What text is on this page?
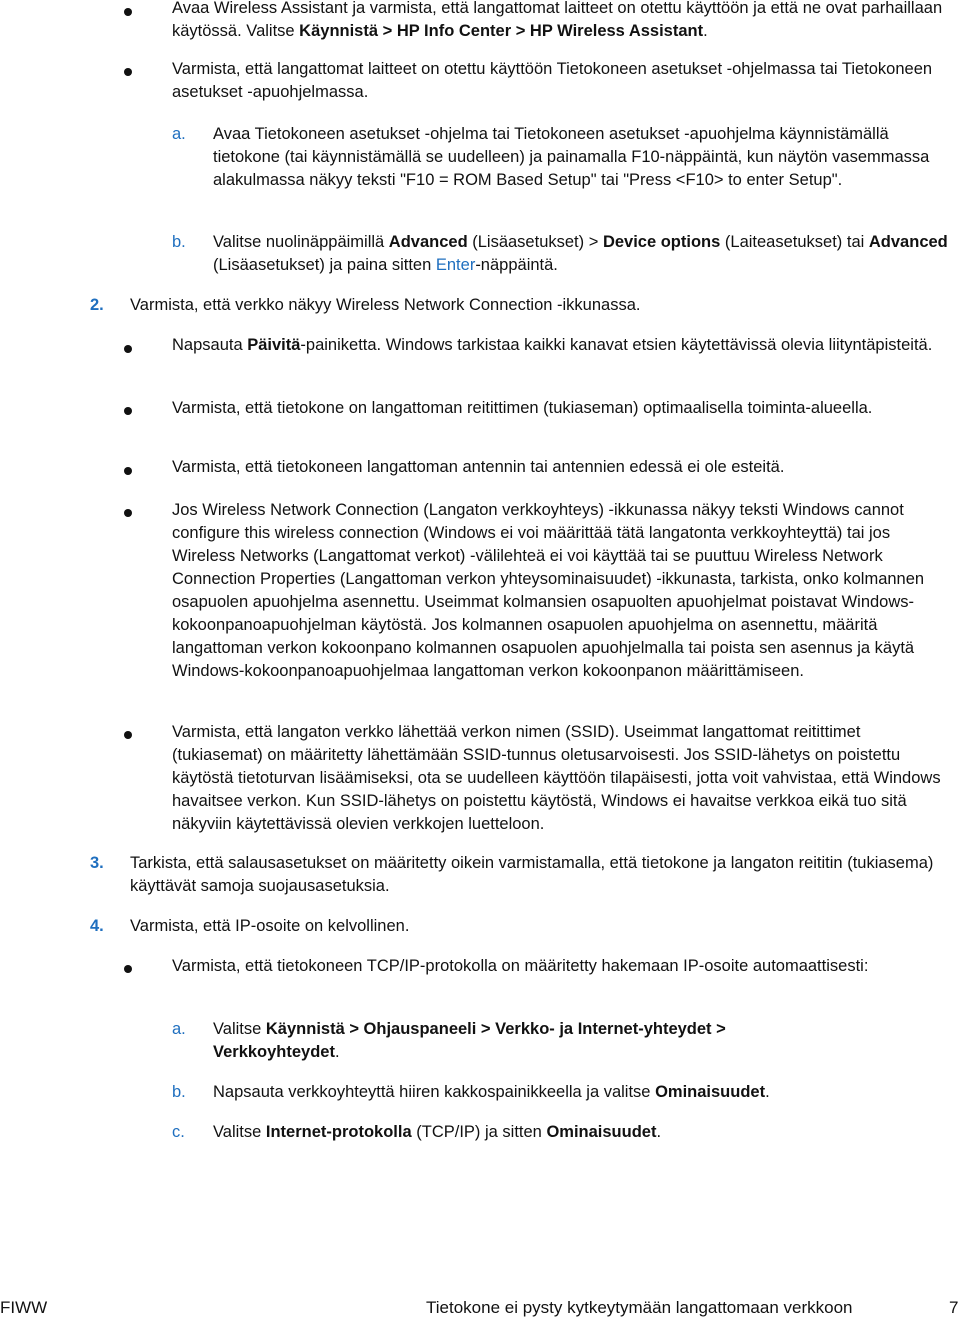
Avaa Wireless Assistant ja varmista, että langattomat laitteet on otettu käyttöön ja että ne ovat parhaillaan käytössä. Valitse Käynnistä > HP Info Center > HP Wireless Assistant.
Varmista, että langattomat laitteet on otettu käyttöön Tietokoneen asetukset -ohjelmassa tai Tietokoneen asetukset -apuohjelmassa.
a. Avaa Tietokoneen asetukset -ohjelma tai Tietokoneen asetukset -apuohjelma käynnistämällä tietokone (tai käynnistämällä se uudelleen) ja painamalla F10-näppäintä, kun näytön vasemmassa alakulmassa näkyy teksti "F10 = ROM Based Setup" tai "Press <F10> to enter Setup".
b. Valitse nuolinäppäimillä Advanced (Lisäasetukset) > Device options (Laiteasetukset) tai Advanced (Lisäasetukset) ja paina sitten Enter-näppäintä.
2. Varmista, että verkko näkyy Wireless Network Connection -ikkunassa.
Napsauta Päivitä-painiketta. Windows tarkistaa kaikki kanavat etsien käytettävissä olevia liityntäpisteitä.
Varmista, että tietokone on langattoman reitittimen (tukiaseman) optimaalisella toiminta-alueella.
Varmista, että tietokoneen langattoman antennin tai antennien edessä ei ole esteitä.
Jos Wireless Network Connection (Langaton verkkoyhteys) -ikkunassa näkyy teksti Windows cannot configure this wireless connection (Windows ei voi määrittää tätä langatonta verkkoyhteyttä) tai jos Wireless Networks (Langattomat verkot) -välilehteä ei voi käyttää tai se puuttuu Wireless Network Connection Properties (Langattoman verkon yhteysominaisuudet) -ikkunasta, tarkista, onko kolmannen osapuolen apuohjelma asennettu. Useimmat kolmansien osapuolten apuohjelmat poistavat Windows-kokoonpanoapuohjelman käytöstä. Jos kolmannen osapuolen apuohjelma on asennettu, määritä langattoman verkon kokoonpano kolmannen osapuolen apuohjelmalla tai poista sen asennus ja käytä Windows-kokoonpanoapuohjelmaa langattoman verkon kokoonpanon määrittämiseen.
Varmista, että langaton verkko lähettää verkon nimen (SSID). Useimmat langattomat reitittimet (tukiasemat) on määritetty lähettämään SSID-tunnus oletusarvoisesti. Jos SSID-lähetys on poistettu käytöstä tietoturvan lisäämiseksi, ota se uudelleen käyttöön tilapäisesti, jotta voit vahvistaa, että Windows havaitsee verkon. Kun SSID-lähetys on poistettu käytöstä, Windows ei havaitse verkkoa eikä tuo sitä näkyviin käytettävissä olevien verkkojen luetteloon.
3. Tarkista, että salausasetukset on määritetty oikein varmistamalla, että tietokone ja langaton reititin (tukiasema) käyttävät samoja suojausasetuksia.
4. Varmista, että IP-osoite on kelvollinen.
Varmista, että tietokoneen TCP/IP-protokolla on määritetty hakemaan IP-osoite automaattisesti:
a. Valitse Käynnistä > Ohjauspaneeli > Verkko- ja Internet-yhteydet > Verkkoyhteydet.
b. Napsauta verkkoyhteyttä hiiren kakkospainikkeella ja valitse Ominaisuudet.
c. Valitse Internet-protokolla (TCP/IP) ja sitten Ominaisuudet.
FIWW	Tietokone ei pysty kytkeytymään langattomaan verkkoon	7
